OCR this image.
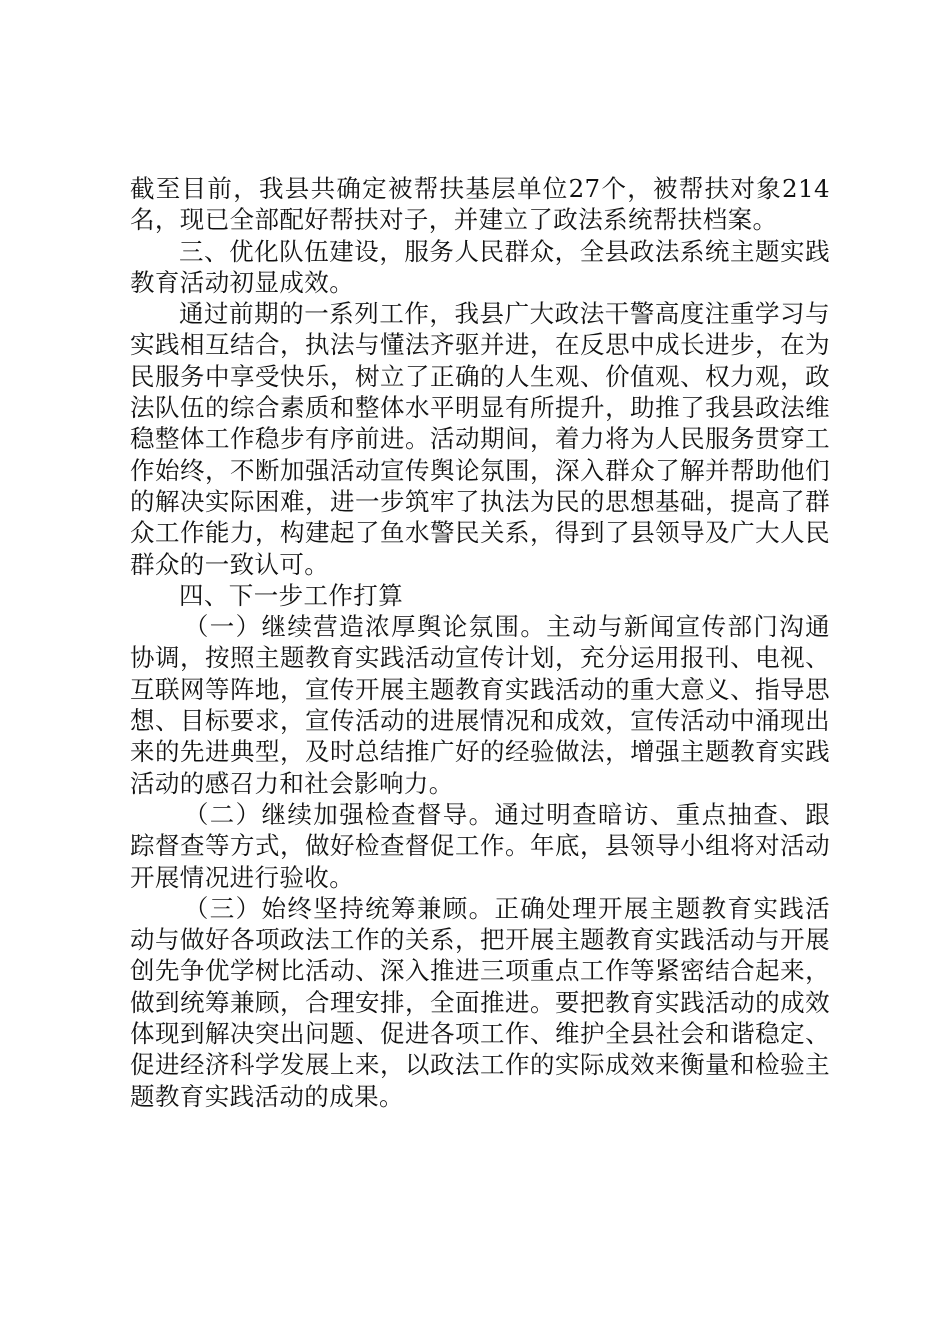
截至目前，我县共确定被帮扶基层单位27个，被帮扶对象214名，现已全部配好帮扶对子，并建立了政法系统帮扶档案。

三、优化队伍建设，服务人民群众，全县政法系统主题实践教育活动初显成效。

通过前期的一系列工作，我县广大政法干警高度注重学习与实践相互结合，执法与懂法齐驱并进，在反思中成长进步，在为民服务中享受快乐，树立了正确的人生观、价值观、权力观，政法队伍的综合素质和整体水平明显有所提升，助推了我县政法维稳整体工作稳步有序前进。活动期间，着力将为人民服务贯穿工作始终，不断加强活动宣传舆论氛围，深入群众了解并帮助他们的解决实际困难，进一步筑牢了执法为民的思想基础，提高了群众工作能力，构建起了鱼水警民关系，得到了县领导及广大人民群众的一致认可。

四、下一步工作打算

（一）继续营造浓厚舆论氛围。主动与新闻宣传部门沟通协调，按照主题教育实践活动宣传计划，充分运用报刊、电视、互联网等阵地，宣传开展主题教育实践活动的重大意义、指导思想、目标要求，宣传活动的进展情况和成效，宣传活动中涌现出来的先进典型，及时总结推广好的经验做法，增强主题教育实践活动的感召力和社会影响力。

（二）继续加强检查督导。通过明查暗访、重点抽查、跟踪督查等方式，做好检查督促工作。年底，县领导小组将对活动开展情况进行验收。

（三）始终坚持统筹兼顾。正确处理开展主题教育实践活动与做好各项政法工作的关系，把开展主题教育实践活动与开展创先争优学树比活动、深入推进三项重点工作等紧密结合起来，做到统筹兼顾，合理安排，全面推进。要把教育实践活动的成效体现到解决突出问题、促进各项工作、维护全县社会和谐稳定、促进经济科学发展上来，以政法工作的实际成效来衡量和检验主题教育实践活动的成果。
